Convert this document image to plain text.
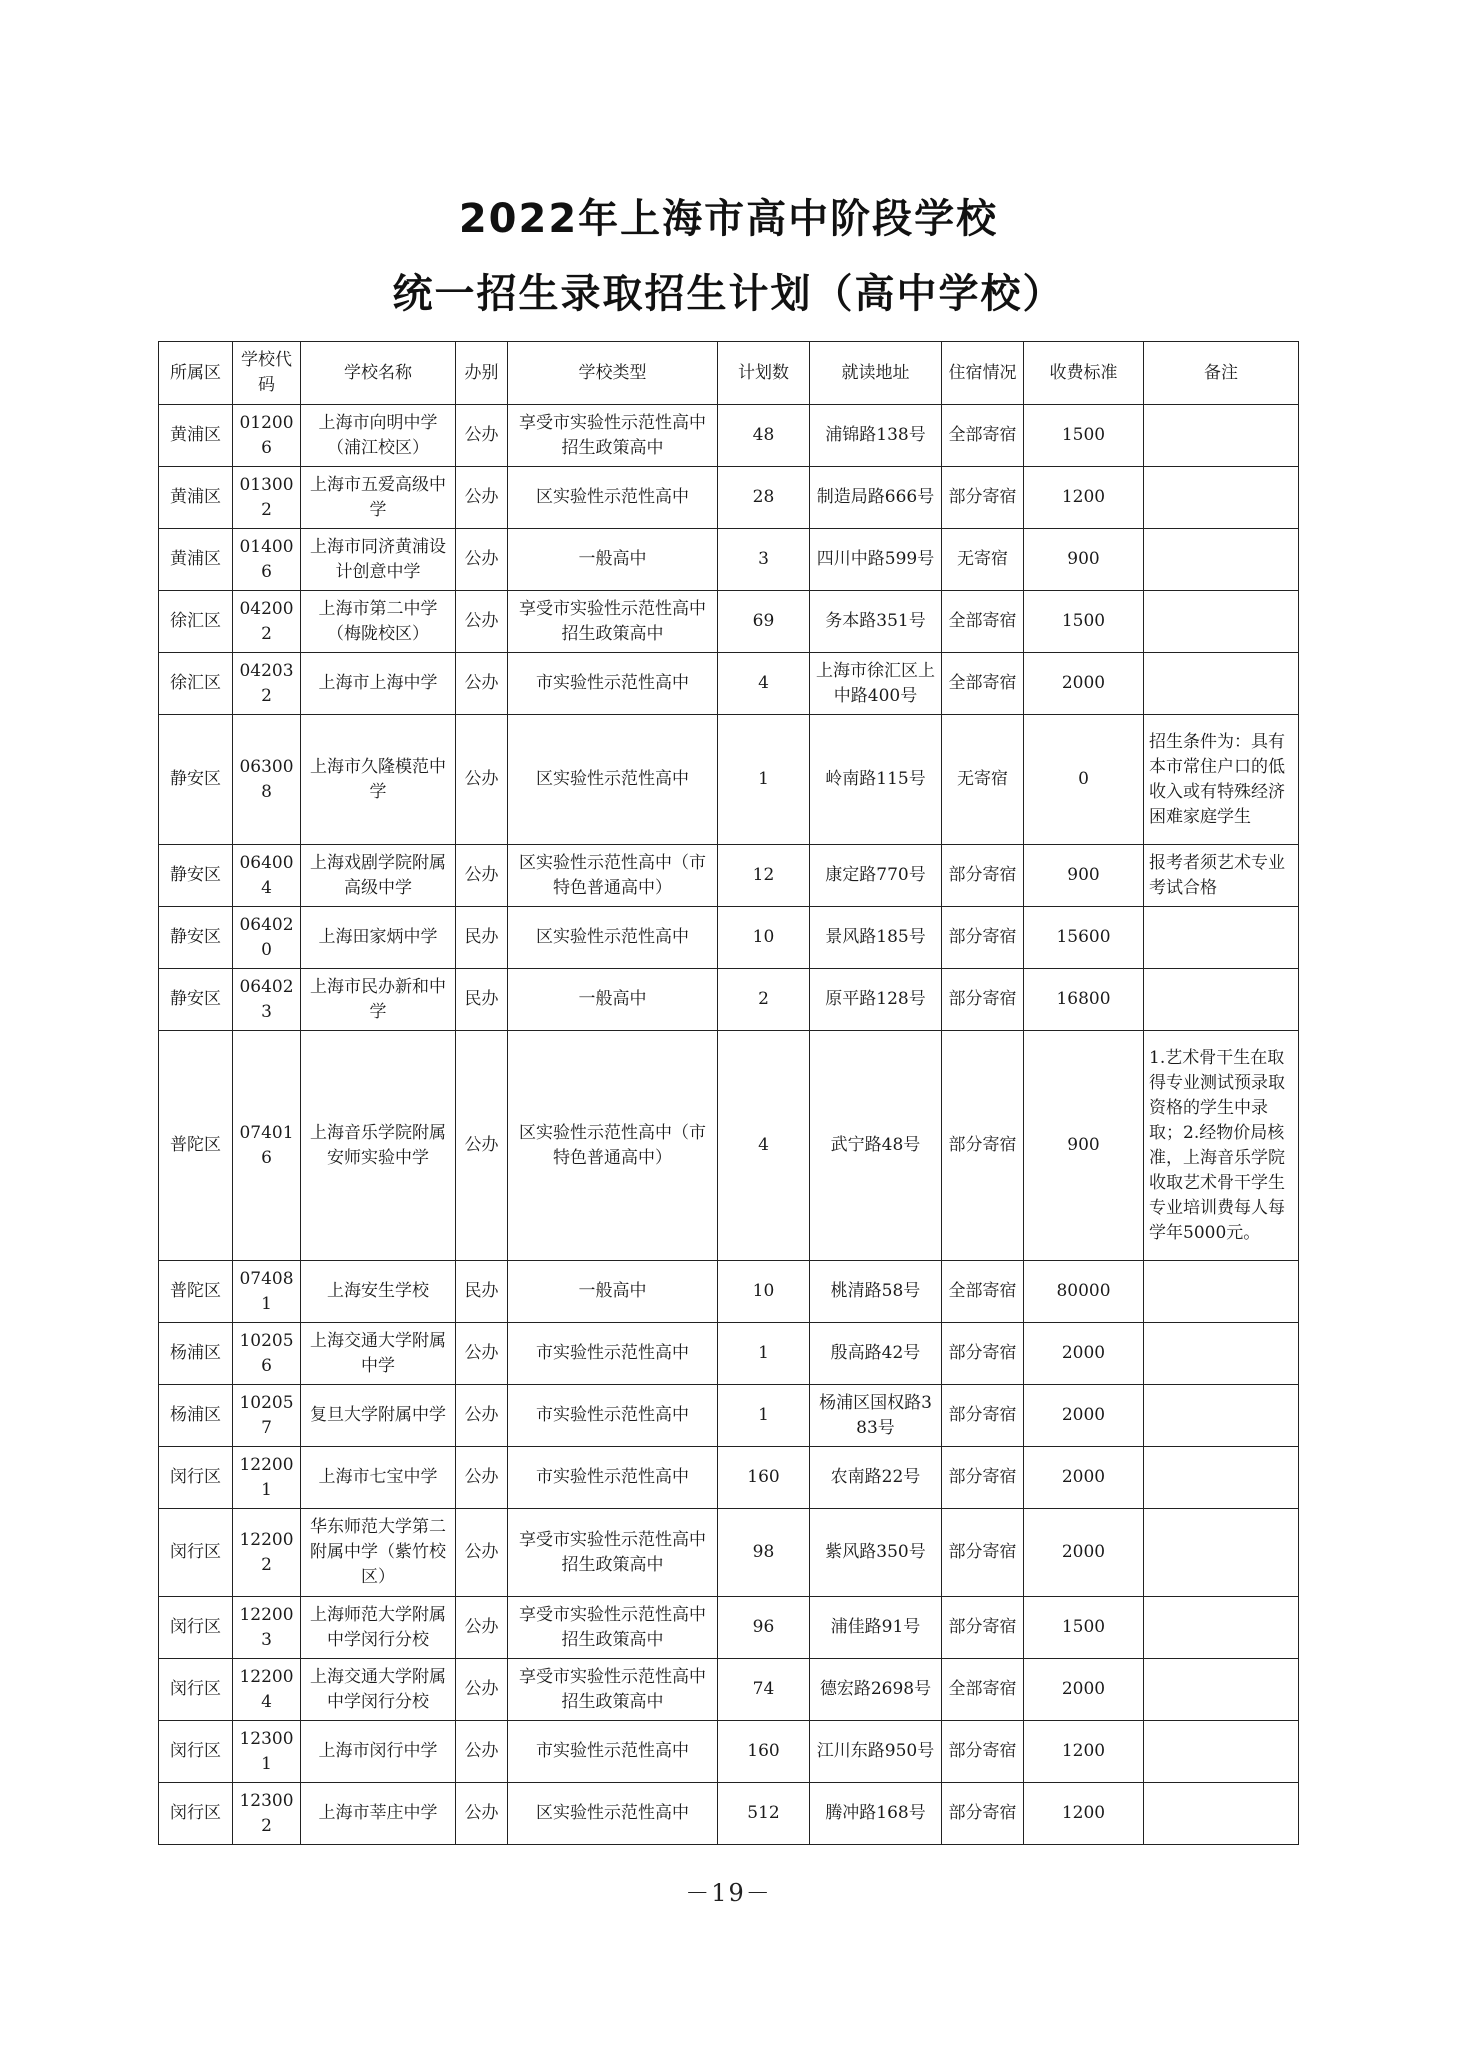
2022年上海市高中阶段学校
统一招生录取招生计划（高中学校）
所属区	学校代码	学校名称	办别	学校类型	计划数	就读地址	住宿情况	收费标准	备注
黄浦区	012006	上海市向明中学（浦江校区）	公办	享受市实验性示范性高中招生政策高中	48	浦锦路138号	全部寄宿	1500	
黄浦区	013002	上海市五爱高级中学	公办	区实验性示范性高中	28	制造局路666号	部分寄宿	1200	
黄浦区	014006	上海市同济黄浦设计创意中学	公办	一般高中	3	四川中路599号	无寄宿	900	
徐汇区	042002	上海市第二中学（梅陇校区）	公办	享受市实验性示范性高中招生政策高中	69	务本路351号	全部寄宿	1500	
徐汇区	042032	上海市上海中学	公办	市实验性示范性高中	4	上海市徐汇区上中路400号	全部寄宿	2000	
静安区	063008	上海市久隆模范中学	公办	区实验性示范性高中	1	岭南路115号	无寄宿	0	招生条件为：具有本市常住户口的低收入或有特殊经济困难家庭学生
静安区	064004	上海戏剧学院附属高级中学	公办	区实验性示范性高中（市特色普通高中）	12	康定路770号	部分寄宿	900	报考者须艺术专业考试合格
静安区	064020	上海田家炳中学	民办	区实验性示范性高中	10	景风路185号	部分寄宿	15600	
静安区	064023	上海市民办新和中学	民办	一般高中	2	原平路128号	部分寄宿	16800	
普陀区	074016	上海音乐学院附属安师实验中学	公办	区实验性示范性高中（市特色普通高中）	4	武宁路48号	部分寄宿	900	1.艺术骨干生在取得专业测试预录取资格的学生中录取；2.经物价局核准，上海音乐学院收取艺术骨干学生专业培训费每人每学年5000元。
普陀区	074081	上海安生学校	民办	一般高中	10	桃清路58号	全部寄宿	80000	
杨浦区	102056	上海交通大学附属中学	公办	市实验性示范性高中	1	殷高路42号	部分寄宿	2000	
杨浦区	102057	复旦大学附属中学	公办	市实验性示范性高中	1	杨浦区国权路383号	部分寄宿	2000	
闵行区	122001	上海市七宝中学	公办	市实验性示范性高中	160	农南路22号	部分寄宿	2000	
闵行区	122002	华东师范大学第二附属中学（紫竹校区）	公办	享受市实验性示范性高中招生政策高中	98	紫风路350号	部分寄宿	2000	
闵行区	122003	上海师范大学附属中学闵行分校	公办	享受市实验性示范性高中招生政策高中	96	浦佳路91号	部分寄宿	1500	
闵行区	122004	上海交通大学附属中学闵行分校	公办	享受市实验性示范性高中招生政策高中	74	德宏路2698号	全部寄宿	2000	
闵行区	123001	上海市闵行中学	公办	市实验性示范性高中	160	江川东路950号	部分寄宿	1200	
闵行区	123002	上海市莘庄中学	公办	区实验性示范性高中	512	腾冲路168号	部分寄宿	1200	
－19－
